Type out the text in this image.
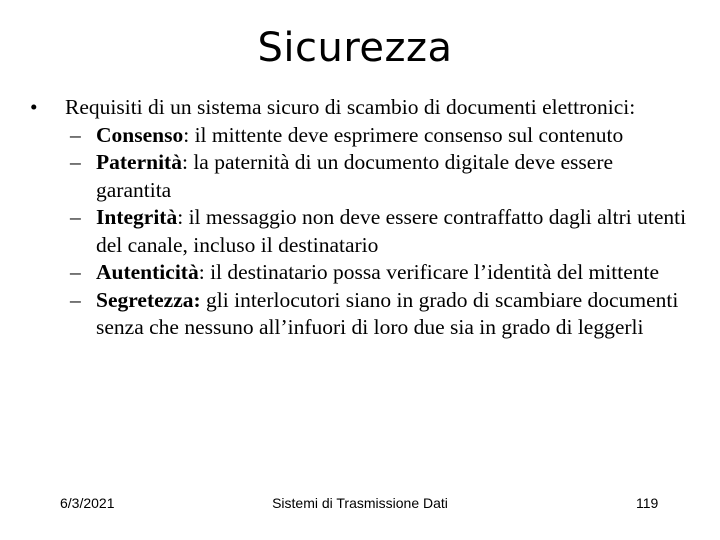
Sicurezza
•	Requisiti di un sistema sicuro di scambio di documenti elettronici:
– Consenso: il mittente deve esprimere consenso sul contenuto
– Paternità: la paternità di un documento digitale deve essere garantita
– Integrità: il messaggio non deve essere contraffatto dagli altri utenti del canale, incluso il destinatario
– Autenticità: il destinatario possa verificare l’identità del mittente
– Segretezza: gli interlocutori siano in grado di scambiare documenti senza che nessuno all’infuori di loro due sia in grado di leggerli
6/3/2021	Sistemi di Trasmissione Dati	119
